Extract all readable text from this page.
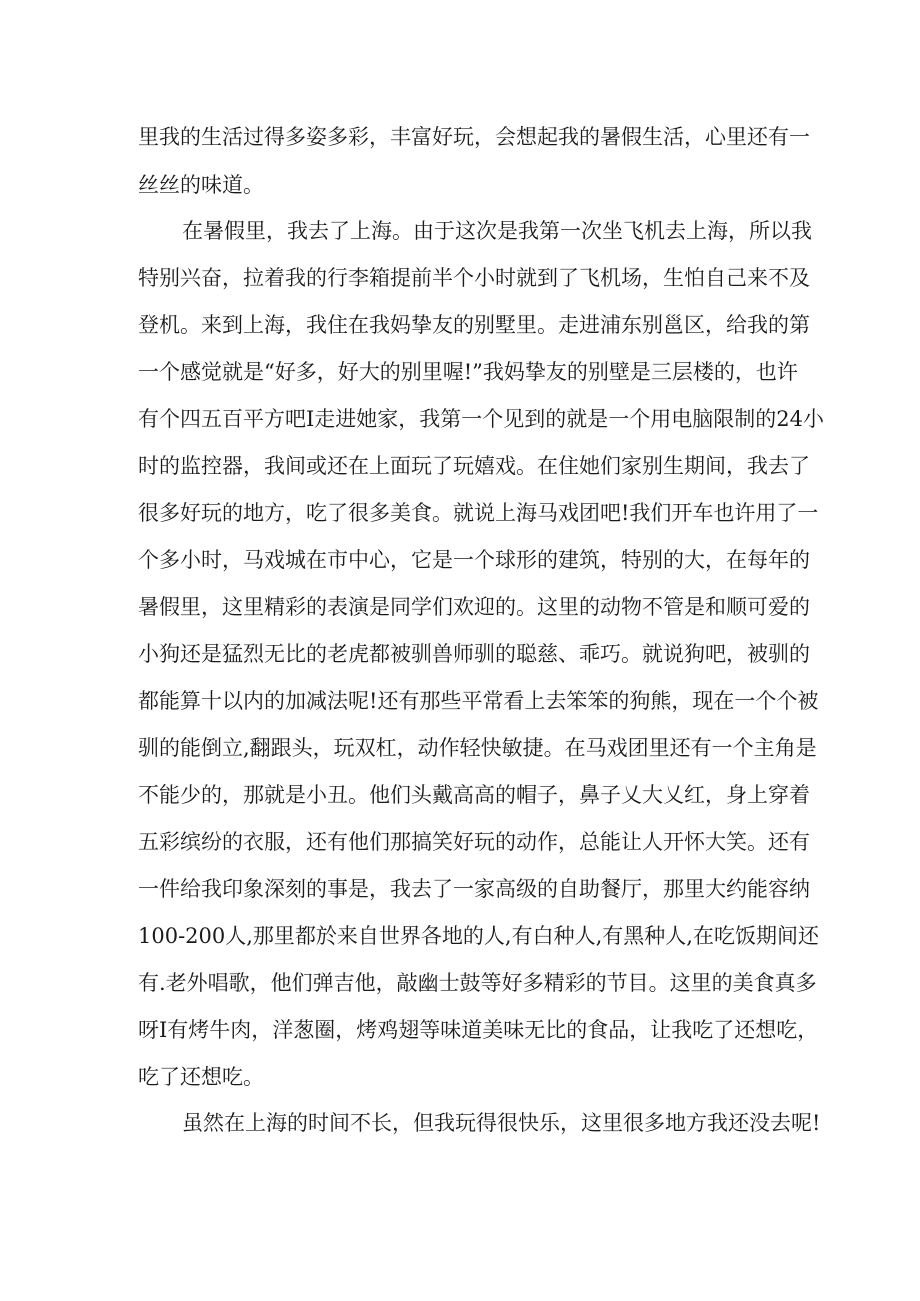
里我的生活过得多姿多彩，丰富好玩，会想起我的暑假生活，心里还有一
丝丝的味道。
在暑假里，我去了上海。由于这次是我第一次坐飞机去上海，所以我
特别兴奋，拉着我的行李箱提前半个小时就到了飞机场，生怕自己来不及
登机。来到上海，我住在我妈挚友的别墅里。走进浦东别邕区，给我的第
一个感觉就是“好多，好大的别里喔!”我妈挚友的别壁是三层楼的，也许
有个四五百平方吧I走进她家，我第一个见到的就是一个用电脑限制的24小
时的监控器，我间或还在上面玩了玩嬉戏。在住她们家别生期间，我去了
很多好玩的地方，吃了很多美食。就说上海马戏团吧!我们开车也许用了一
个多小时，马戏城在市中心，它是一个球形的建筑，特别的大，在每年的
暑假里，这里精彩的表演是同学们欢迎的。这里的动物不管是和顺可爱的
小狗还是猛烈无比的老虎都被驯兽师驯的聪慈、乖巧。就说狗吧，被驯的
都能算十以内的加减法呢!还有那些平常看上去笨笨的狗熊，现在一个个被
驯的能倒立,翻跟头，玩双杠，动作轻快敏捷。在马戏团里还有一个主角是
不能少的，那就是小丑。他们头戴高高的帽子，鼻子乂大乂红，身上穿着
五彩缤纷的衣服，还有他们那搞笑好玩的动作，总能让人开怀大笑。还有
一件给我印象深刻的事是，我去了一家高级的自助餐厅，那里大约能容纳
100-200人,那里都於来自世界各地的人,有白种人,有黑种人,在吃饭期间还
有.老外唱歌，他们弹吉他，敲幽士鼓等好多精彩的节目。这里的美食真多
呀I有烤牛肉，洋葱圈，烤鸡翅等味道美味无比的食品，让我吃了还想吃，
吃了还想吃。
虽然在上海的时间不长，但我玩得很快乐，这里很多地方我还没去呢!
